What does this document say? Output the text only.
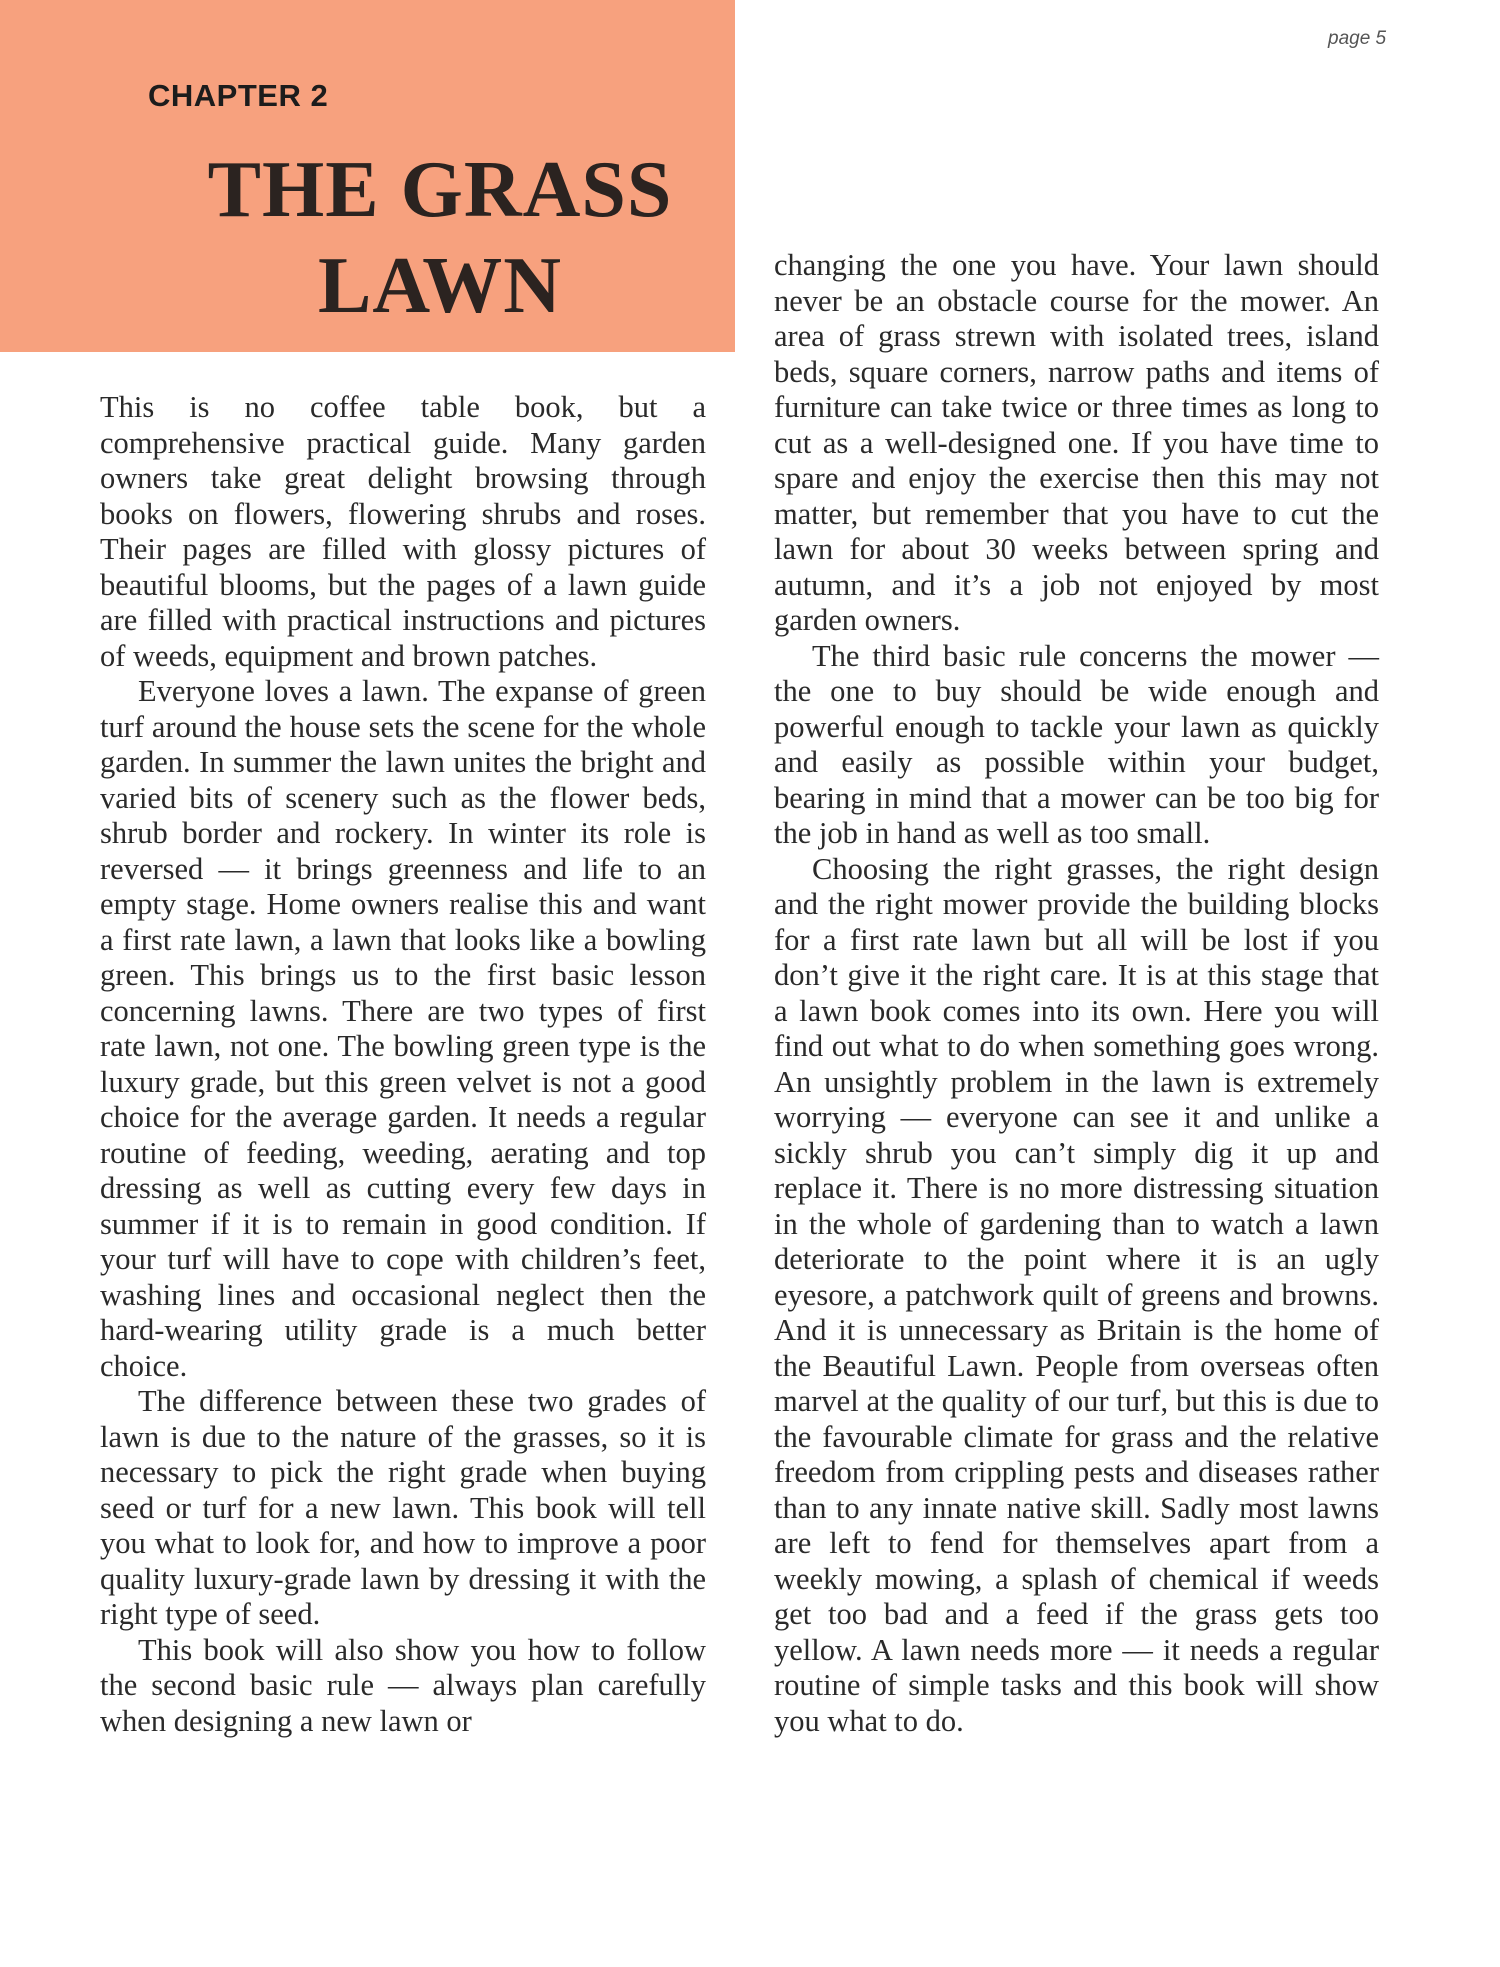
page 5
CHAPTER 2
THE GRASS
LAWN

This is no coffee table book, but a comprehensive practical guide. Many garden owners take great delight browsing through books on flowers, flowering shrubs and roses. Their pages are filled with glossy pictures of beautiful blooms, but the pages of a lawn guide are filled with practical instructions and pictures of weeds, equipment and brown patches.

Everyone loves a lawn. The expanse of green turf around the house sets the scene for the whole garden. In summer the lawn unites the bright and varied bits of scenery such as the flower beds, shrub border and rockery. In winter its role is reversed — it brings greenness and life to an empty stage. Home owners realise this and want a first rate lawn, a lawn that looks like a bowling green. This brings us to the first basic lesson concerning lawns. There are two types of first rate lawn, not one. The bowling green type is the luxury grade, but this green velvet is not a good choice for the average garden. It needs a regular routine of feeding, weeding, aerating and top dressing as well as cutting every few days in summer if it is to remain in good condition. If your turf will have to cope with children’s feet, washing lines and occasional neglect then the hard-wearing utility grade is a much better choice.

The difference between these two grades of lawn is due to the nature of the grasses, so it is necessary to pick the right grade when buying seed or turf for a new lawn. This book will tell you what to look for, and how to improve a poor quality luxury-grade lawn by dressing it with the right type of seed.

This book will also show you how to follow the second basic rule — always plan carefully when designing a new lawn or

changing the one you have. Your lawn should never be an obstacle course for the mower. An area of grass strewn with isolated trees, island beds, square corners, narrow paths and items of furniture can take twice or three times as long to cut as a well-designed one. If you have time to spare and enjoy the exercise then this may not matter, but remember that you have to cut the lawn for about 30 weeks between spring and autumn, and it’s a job not enjoyed by most garden owners.

The third basic rule concerns the mower — the one to buy should be wide enough and powerful enough to tackle your lawn as quickly and easily as possible within your budget, bearing in mind that a mower can be too big for the job in hand as well as too small.

Choosing the right grasses, the right design and the right mower provide the building blocks for a first rate lawn but all will be lost if you don’t give it the right care. It is at this stage that a lawn book comes into its own. Here you will find out what to do when something goes wrong. An unsightly problem in the lawn is extremely worrying — everyone can see it and unlike a sickly shrub you can’t simply dig it up and replace it. There is no more distressing situation in the whole of gardening than to watch a lawn deteriorate to the point where it is an ugly eyesore, a patchwork quilt of greens and browns. And it is unnecessary as Britain is the home of the Beautiful Lawn. People from overseas often marvel at the quality of our turf, but this is due to the favourable climate for grass and the relative freedom from crippling pests and diseases rather than to any innate native skill. Sadly most lawns are left to fend for themselves apart from a weekly mowing, a splash of chemical if weeds get too bad and a feed if the grass gets too yellow. A lawn needs more — it needs a regular routine of simple tasks and this book will show you what to do.
